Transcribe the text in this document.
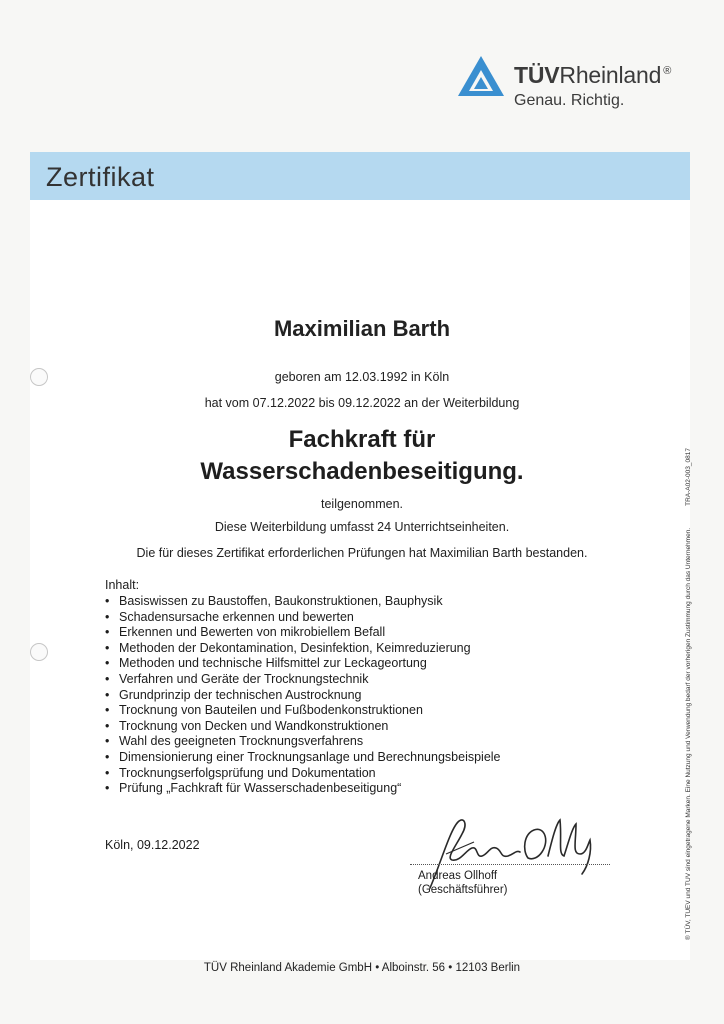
TÜVRheinland ®
Genau. Richtig.
Zertifikat
Maximilian Barth
geboren am 12.03.1992 in Köln
hat vom 07.12.2022 bis 09.12.2022 an der Weiterbildung
Fachkraft für
Wasserschadenbeseitigung.
teilgenommen.
Diese Weiterbildung umfasst 24 Unterrichtseinheiten.
Die für dieses Zertifikat erforderlichen Prüfungen hat Maximilian Barth bestanden.
Inhalt:
• Basiswissen zu Baustoffen, Baukonstruktionen, Bauphysik
• Schadensursache erkennen und bewerten
• Erkennen und Bewerten von mikrobiellem Befall
• Methoden der Dekontamination, Desinfektion, Keimreduzierung
• Methoden und technische Hilfsmittel zur Leckageortung
• Verfahren und Geräte der Trocknungstechnik
• Grundprinzip der technischen Austrocknung
• Trocknung von Bauteilen und Fußbodenkonstruktionen
• Trocknung von Decken und Wandkonstruktionen
• Wahl des geeigneten Trocknungsverfahrens
• Dimensionierung einer Trocknungsanlage und Berechnungsbeispiele
• Trocknungserfolgsprüfung und Dokumentation
• Prüfung „Fachkraft für Wasserschadenbeseitigung“
Köln, 09.12.2022
Andreas Ollhoff
(Geschäftsführer)
TÜV Rheinland Akademie GmbH • Alboinstr. 56 • 12103 Berlin
® TÜV, TUEV und TUV sind eingetragene Marken. Eine Nutzung und Verwendung bedarf der vorherigen Zustimmung durch das Unternehmen.TRA-A02-003_0817
